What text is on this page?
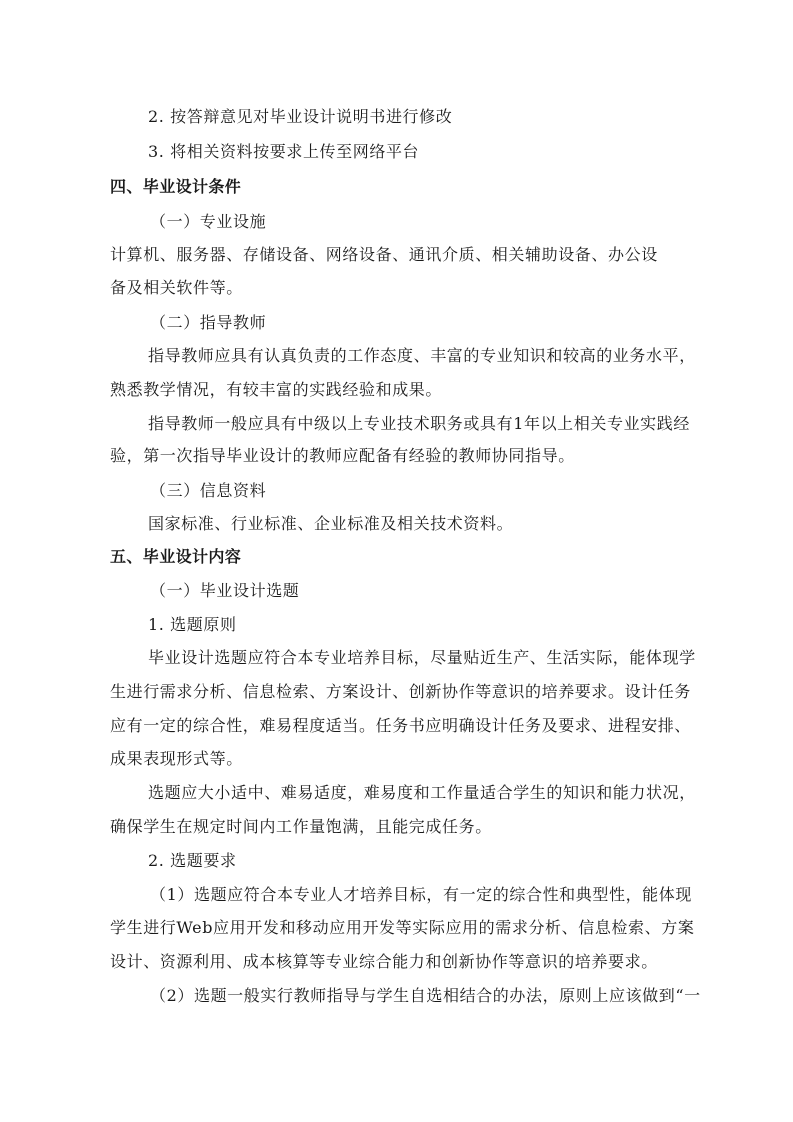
2. 按答辩意见对毕业设计说明书进行修改
3. 将相关资料按要求上传至网络平台
四、毕业设计条件
（一）专业设施
计算机、服务器、存储设备、网络设备、通讯介质、相关辅助设备、办公设
备及相关软件等。
（二）指导教师
指导教师应具有认真负责的工作态度、丰富的专业知识和较高的业务水平，
熟悉教学情况，有较丰富的实践经验和成果。
指导教师一般应具有中级以上专业技术职务或具有1年以上相关专业实践经
验，第一次指导毕业设计的教师应配备有经验的教师协同指导。
（三）信息资料
国家标准、行业标准、企业标准及相关技术资料。
五、毕业设计内容
（一）毕业设计选题
1. 选题原则
毕业设计选题应符合本专业培养目标，尽量贴近生产、生活实际，能体现学
生进行需求分析、信息检索、方案设计、创新协作等意识的培养要求。设计任务
应有一定的综合性，难易程度适当。任务书应明确设计任务及要求、进程安排、
成果表现形式等。
选题应大小适中、难易适度，难易度和工作量适合学生的知识和能力状况，
确保学生在规定时间内工作量饱满，且能完成任务。
2. 选题要求
（1）选题应符合本专业人才培养目标，有一定的综合性和典型性，能体现
学生进行Web应用开发和移动应用开发等实际应用的需求分析、信息检索、方案
设计、资源利用、成本核算等专业综合能力和创新协作等意识的培养要求。
（2）选题一般实行教师指导与学生自选相结合的办法，原则上应该做到“一
